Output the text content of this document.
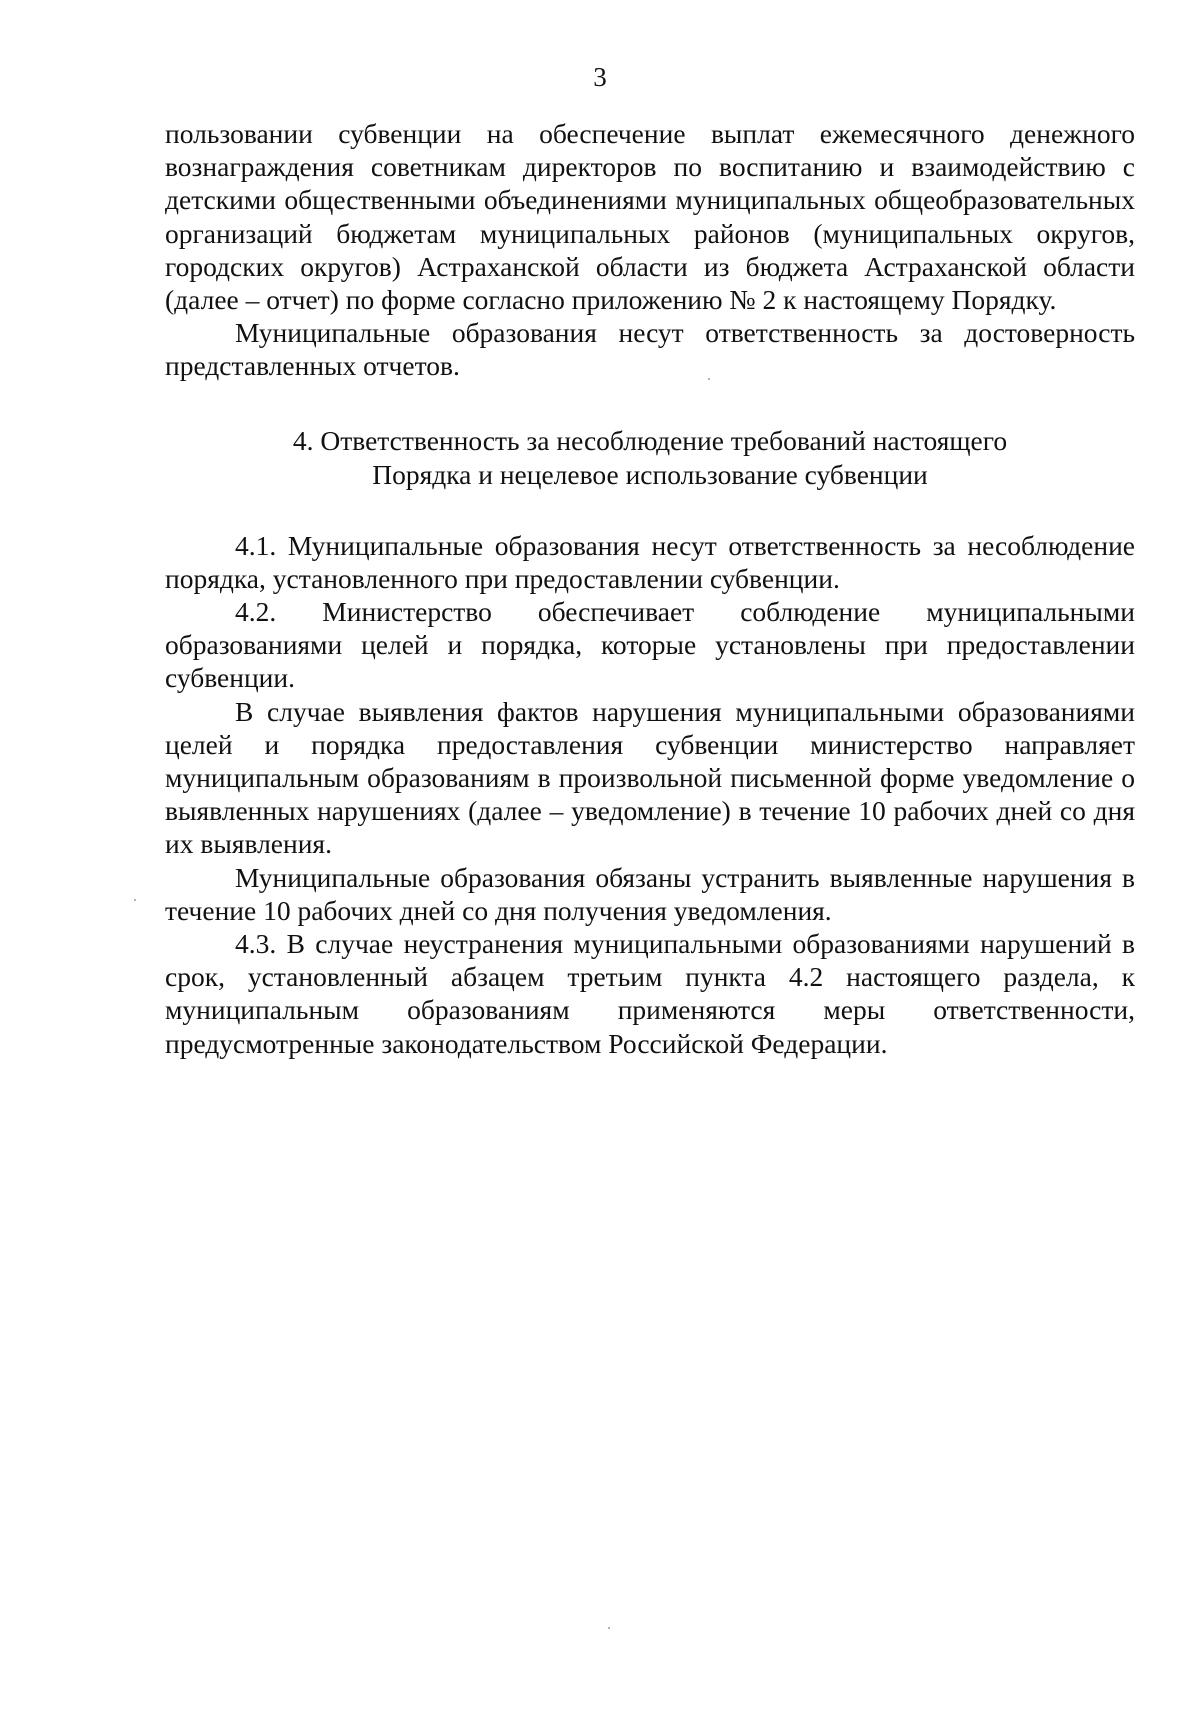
3

пользовании субвенции на обеспечение выплат ежемесячного денежного вознаграждения советникам директоров по воспитанию и взаимодействию с детскими общественными объединениями муниципальных общеобразовательных организаций бюджетам муниципальных районов (муниципальных округов, городских округов) Астраханской области из бюджета Астраханской области (далее – отчет) по форме согласно приложению № 2 к настоящему Порядку.

Муниципальные образования несут ответственность за достоверность представленных отчетов.

4. Ответственность за несоблюдение требований настоящего
Порядка и нецелевое использование субвенции

4.1. Муниципальные образования несут ответственность за несоблюдение порядка, установленного при предоставлении субвенции.

4.2. Министерство обеспечивает соблюдение муниципальными образованиями целей и порядка, которые установлены при предоставлении субвенции.

В случае выявления фактов нарушения муниципальными образованиями целей и порядка предоставления субвенции министерство направляет муниципальным образованиям в произвольной письменной форме уведомление о выявленных нарушениях (далее – уведомление) в течение 10 рабочих дней со дня их выявления.

Муниципальные образования обязаны устранить выявленные нарушения в течение 10 рабочих дней со дня получения уведомления.

4.3. В случае неустранения муниципальными образованиями нарушений в срок, установленный абзацем третьим пункта 4.2 настоящего раздела, к муниципальным образованиям применяются меры ответственности, предусмотренные законодательством Российской Федерации.
